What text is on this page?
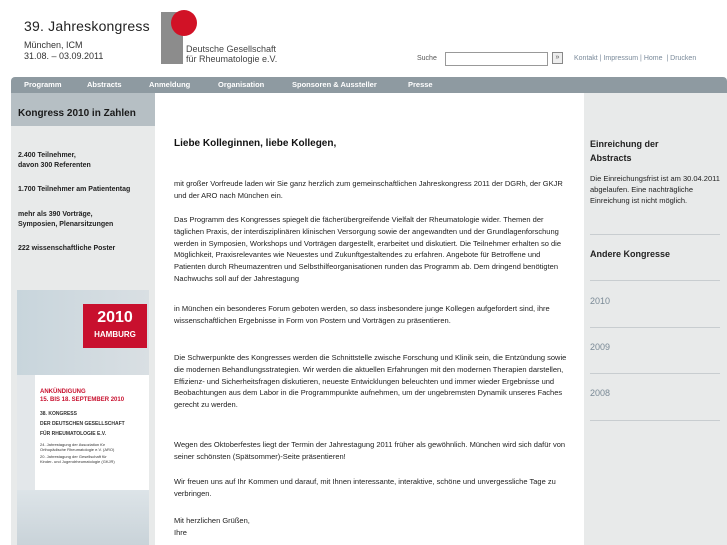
39. Jahreskongress
München, ICM
31.08. – 03.09.2011
Deutsche Gesellschaft
für Rheumatologie e.V.	Suche	»	Kontakt | Impressum | Home  | Drucken
Programm	Abstracts	Anmeldung	Organisation	Sponsoren & Aussteller	Presse
Kongress 2010 in Zahlen
2.400 Teilnehmer,
davon 300 Referenten
1.700 Teilnehmer am Patiententag
mehr als 390 Vorträge,
Symposien, Plenarsitzungen
222 wissenschaftliche Poster
2010
HAMBURG
ANKÜNDIGUNG
15. BIS 18. SEPTEMBER 2010
38. KONGRESS
DER DEUTSCHEN GESELLSCHAFT
FÜR RHEUMATOLOGIE E.V.
24. Jahrestagung der Assoziation für
Orthopädische Rheumatologie e.V. (ARO)
20. Jahrestagung der Gesellschaft für
Kinder- und Jugendrheumatologie (GKJR)
Liebe Kolleginnen, liebe Kollegen,
mit großer Vorfreude laden wir Sie ganz herzlich zum gemeinschaftlichen Jahreskongress 2011 der DGRh, der GKJR und der ARO nach München ein.
Das Programm des Kongresses spiegelt die fächerübergreifende Vielfalt der Rheumatologie wider. Themen der täglichen Praxis, der interdisziplinären klinischen Versorgung sowie der angewandten und der Grundlagenforschung werden in Symposien, Workshops und Vorträgen dargestellt, erarbeitet und diskutiert. Die Teilnehmer erhalten so die Möglichkeit, Praxisrelevantes wie Neuestes und Zukunftgestaltendes zu erfahren. Angebote für Betroffene und Patienten durch Rheumazentren und Selbsthilfeorganisationen runden das Programm ab. Dem dringend benötigten Nachwuchs soll auf der Jahrestagung
in München ein besonderes Forum geboten werden, so dass insbesondere junge Kollegen aufgefordert sind, ihre wissenschaftlichen Ergebnisse in Form von Postern und Vorträgen zu präsentieren.
Die Schwerpunkte des Kongresses werden die Schnittstelle zwische Forschung und Klinik sein, die Entzündung sowie die modernen Behandlungsstrategien. Wir werden die aktuellen Erfahrungen mit den modernen Therapien darstellen, Effizienz- und Sicherheitsfragen diskutieren, neueste Entwicklungen beleuchten und immer wieder Ergebnisse und Beobachtungen aus dem Labor in die Programmpunkte aufnehmen, um der ungebremsten Dynamik unseres Faches gerecht zu werden.
Wegen des Oktoberfestes liegt der Termin der Jahrestagung 2011 früher als gewöhnlich. München wird sich dafür von seiner schönsten (Spätsommer)-Seite präsentieren!
Wir freuen uns auf Ihr Kommen und darauf, mit Ihnen interessante, interaktive, schöne und unvergessliche Tage zu verbringen.
Mit herzlichen Grüßen,
Ihre
Einreichung der
Abstracts
Die Einreichungsfrist ist am 30.04.2011 abgelaufen. Eine nachträgliche Einreichung ist nicht möglich.
Andere Kongresse
2010
2009
2008
